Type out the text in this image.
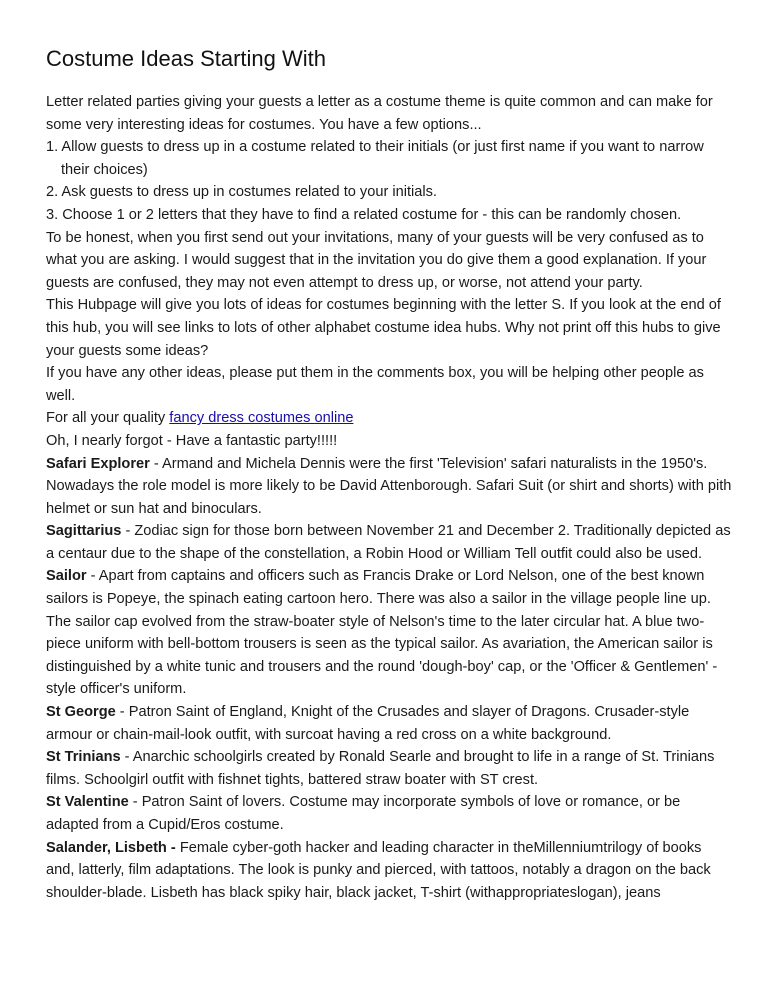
Costume Ideas Starting With

Letter related parties giving your guests a letter as a costume theme is quite common and can make for some very interesting ideas for costumes. You have a few options...

1. Allow guests to dress up in a costume related to their initials (or just first name if you want to narrow their choices)

2. Ask guests to dress up in costumes related to your initials.

3. Choose 1 or 2 letters that they have to find a related costume for - this can be randomly chosen.

To be honest, when you first send out your invitations, many of your guests will be very confused as to what you are asking. I would suggest that in the invitation you do give them a good explanation. If your guests are confused, they may not even attempt to dress up, or worse, not attend your party.

This Hubpage will give you lots of ideas for costumes beginning with the letter S. If you look at the end of this hub, you will see links to lots of other alphabet costume idea hubs. Why not print off this hubs to give your guests some ideas?

If you have any other ideas, please put them in the comments box, you will be helping other people as well.

For all your quality fancy dress costumes online

Oh, I nearly forgot - Have a fantastic party!!!!!

Safari Explorer - Armand and Michela Dennis were the first 'Television' safari naturalists in the 1950's. Nowadays the role model is more likely to be David Attenborough. Safari Suit (or shirt and shorts) with pith helmet or sun hat and binoculars.

Sagittarius - Zodiac sign for those born between November 21 and December 2. Traditionally depicted as a centaur due to the shape of the constellation, a Robin Hood or William Tell outfit could also be used.

Sailor - Apart from captains and officers such as Francis Drake or Lord Nelson, one of the best known sailors is Popeye, the spinach eating cartoon hero. There was also a sailor in the village people line up. The sailor cap evolved from the straw-boater style of Nelson's time to the later circular hat. A blue two-piece uniform with bell-bottom trousers is seen as the typical sailor. As avariation, the American sailor is distinguished by a white tunic and trousers and the round 'dough-boy' cap, or the 'Officer & Gentlemen' - style officer's uniform.

St George - Patron Saint of England, Knight of the Crusades and slayer of Dragons. Crusader-style armour or chain-mail-look outfit, with surcoat having a red cross on a white background.

St Trinians - Anarchic schoolgirls created by Ronald Searle and brought to life in a range of St. Trinians films. Schoolgirl outfit with fishnet tights, battered straw boater with ST crest.

St Valentine - Patron Saint of lovers. Costume may incorporate symbols of love or romance, or be adapted from a Cupid/Eros costume.

Salander, Lisbeth - Female cyber-goth hacker and leading character in theMillenniumtrilogy of books and, latterly, film adaptations. The look is punky and pierced, with tattoos, notably a dragon on the back shoulder-blade. Lisbeth has black spiky hair, black jacket, T-shirt (withappropriateslogan), jeans
